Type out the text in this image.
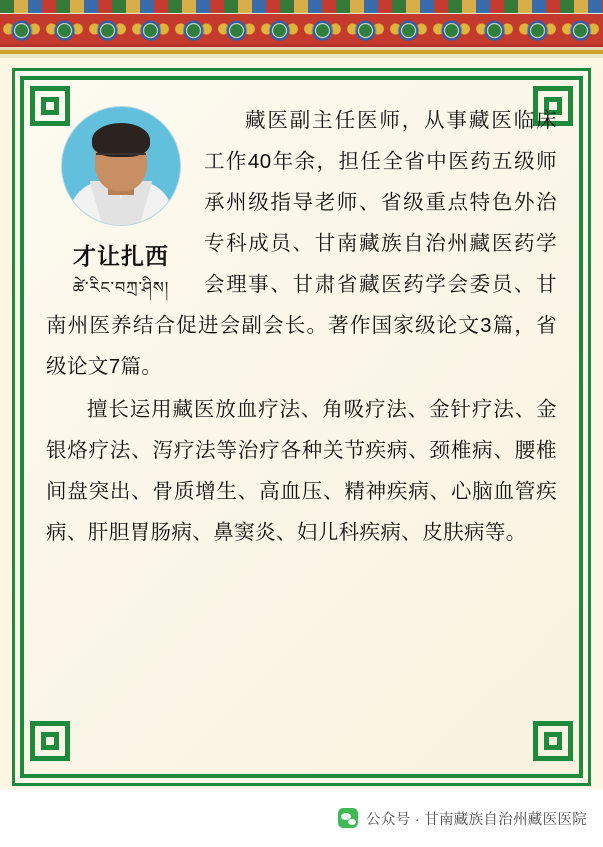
才让扎西
ཚེ་རིང་བཀྲ་ཤིས།

藏医副主任医师，从事藏医临床工作40年余，担任全省中医药五级师承州级指导老师、省级重点特色外治专科成员、甘南藏族自治州藏医药学会理事、甘肃省藏医药学会委员、甘南州医养结合促进会副会长。著作国家级论文3篇，省级论文7篇。

擅长运用藏医放血疗法、角吸疗法、金针疗法、金银烙疗法、泻疗法等治疗各种关节疾病、颈椎病、腰椎间盘突出、骨质增生、高血压、精神疾病、心脑血管疾病、肝胆胃肠病、鼻窦炎、妇儿科疾病、皮肤病等。

公众号 · 甘南藏族自治州藏医医院
